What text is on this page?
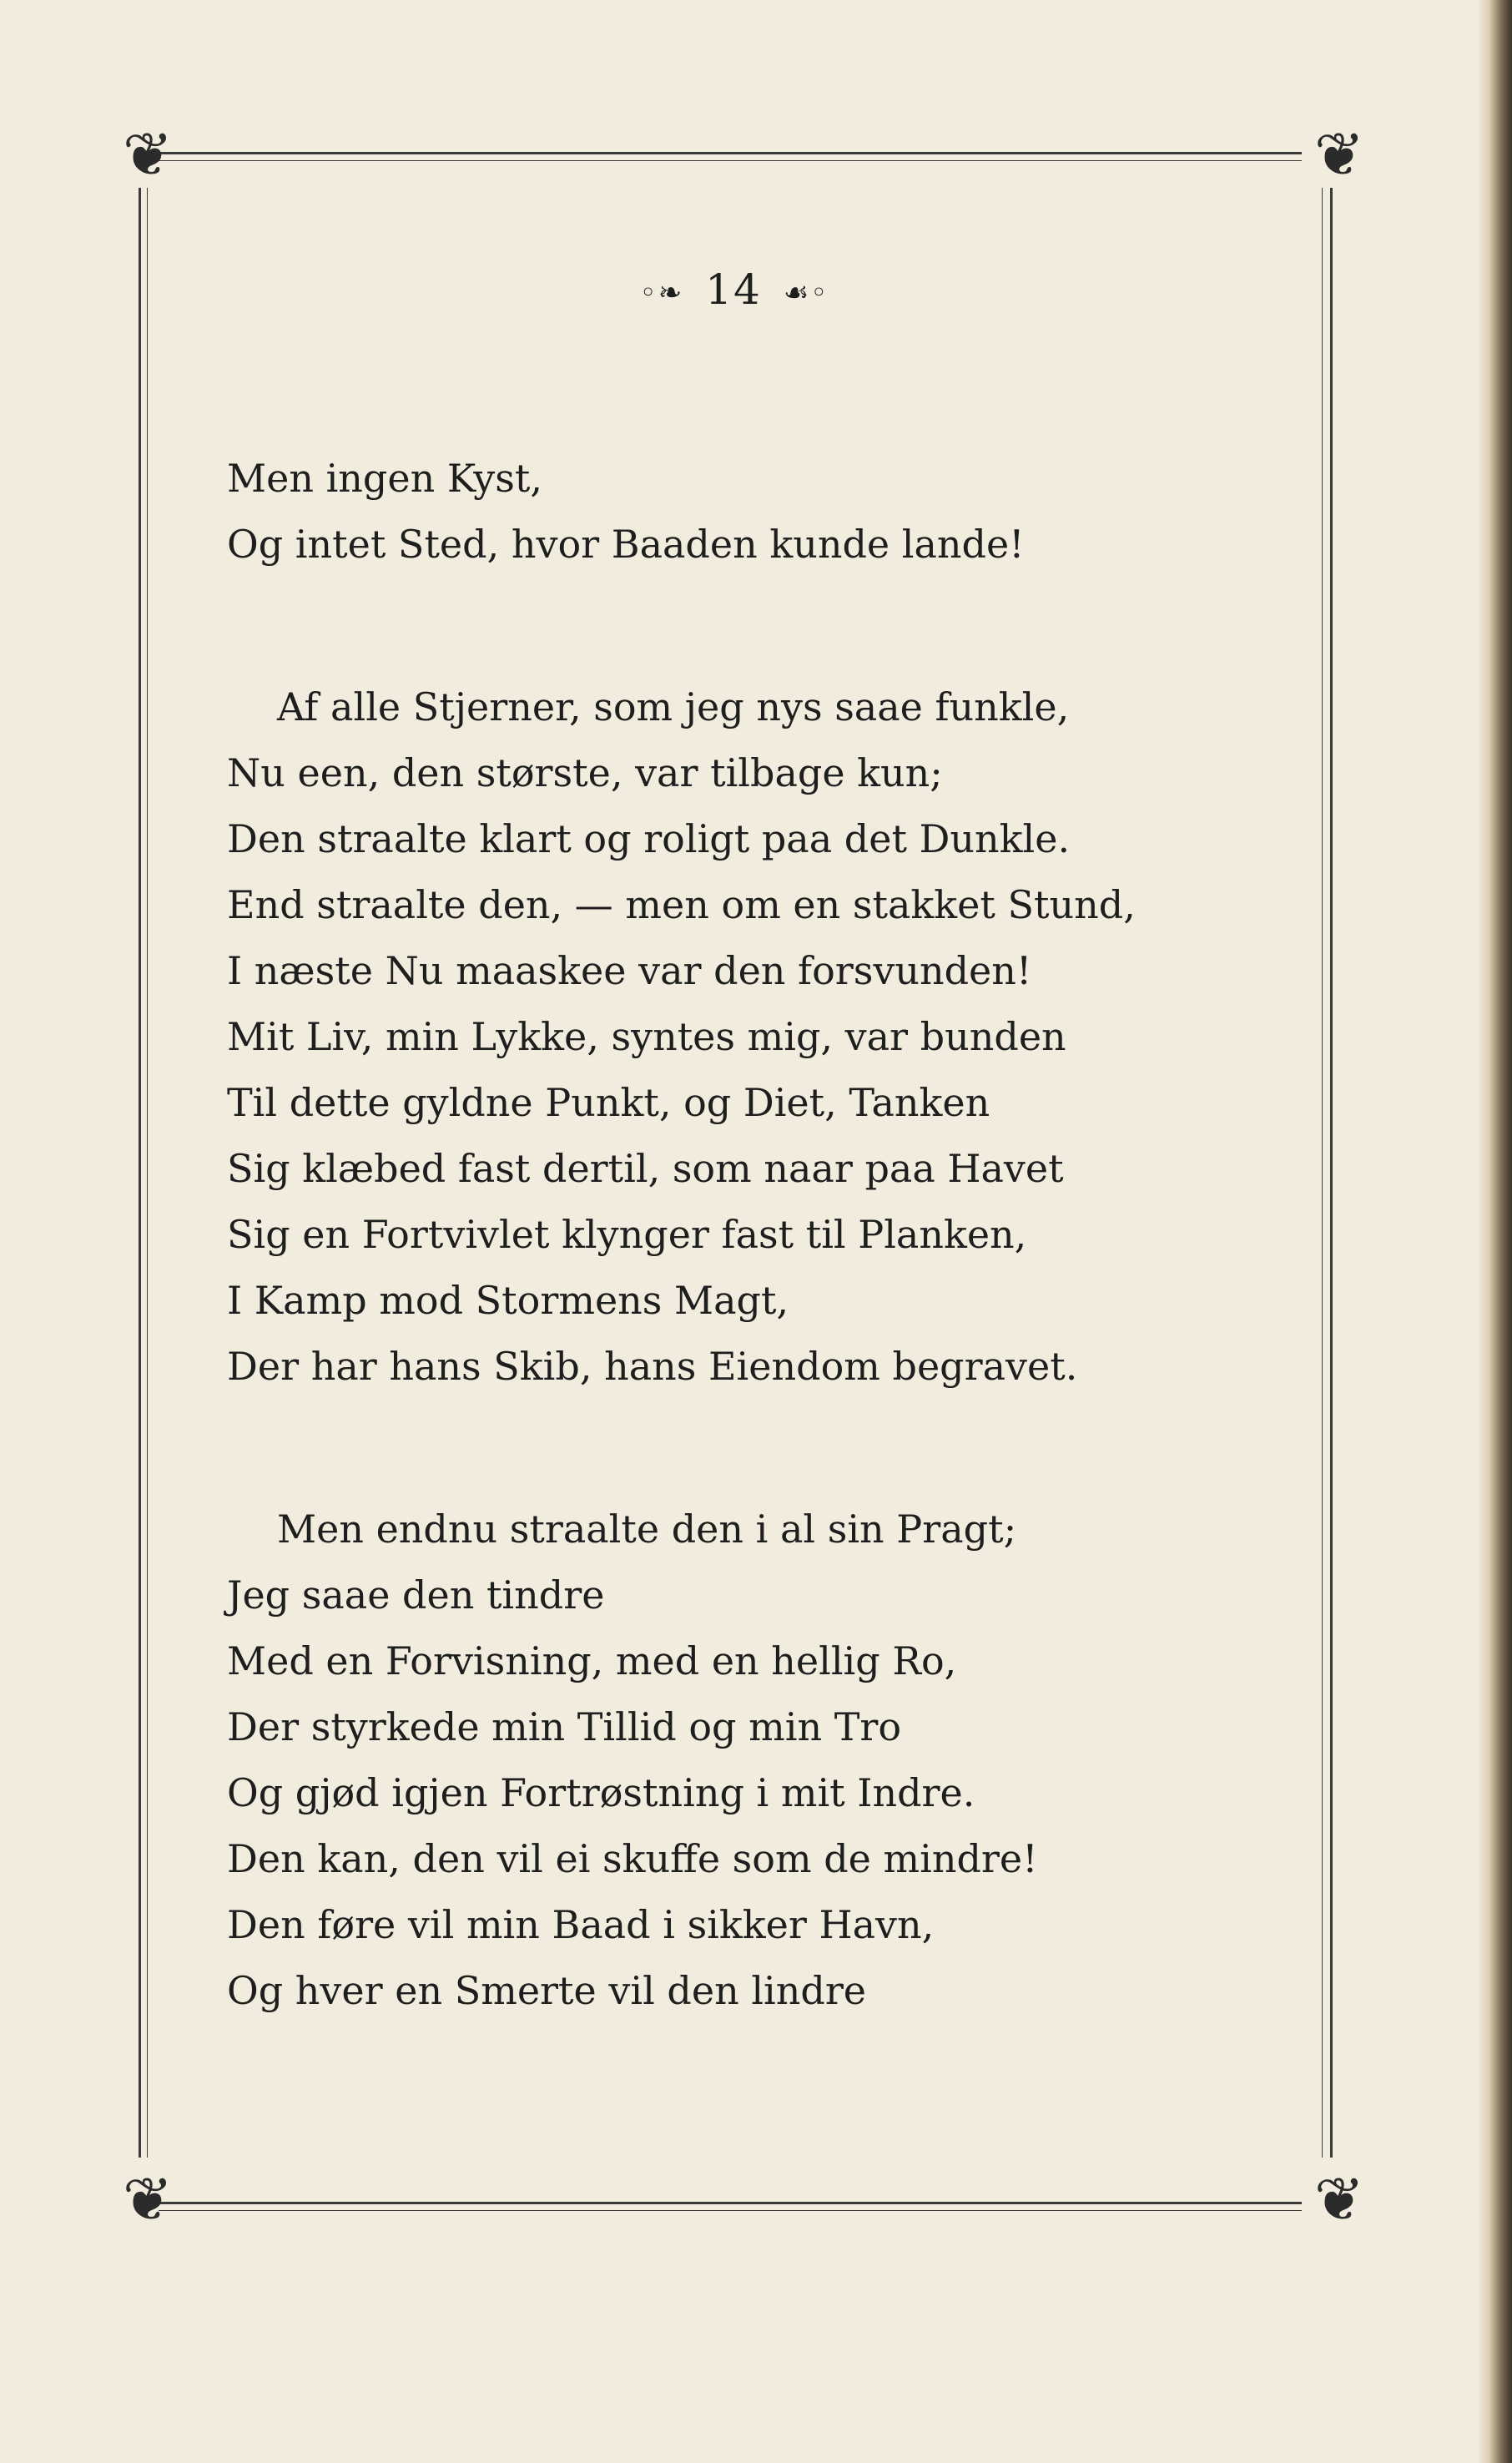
❦	❦
❦	❦
◦❧ 14 ☙◦
Men ingen Kyst,
Og intet Sted, hvor Baaden kunde lande!
Af alle Stjerner, som jeg nys saae funkle,
Nu een, den største, var tilbage kun;
Den straalte klart og roligt paa det Dunkle.
End straalte den, — men om en stakket Stund,
I næste Nu maaskee var den forsvunden!
Mit Liv, min Lykke, syntes mig, var bunden
Til dette gyldne Punkt, og Diet, Tanken
Sig klæbed fast dertil, som naar paa Havet
Sig en Fortvivlet klynger fast til Planken,
I Kamp mod Stormens Magt,
Der har hans Skib, hans Eiendom begravet.
Men endnu straalte den i al sin Pragt;
Jeg saae den tindre
Med en Forvisning, med en hellig Ro,
Der styrkede min Tillid og min Tro
Og gjød igjen Fortrøstning i mit Indre.
Den kan, den vil ei skuffe som de mindre!
Den føre vil min Baad i sikker Havn,
Og hver en Smerte vil den lindre
